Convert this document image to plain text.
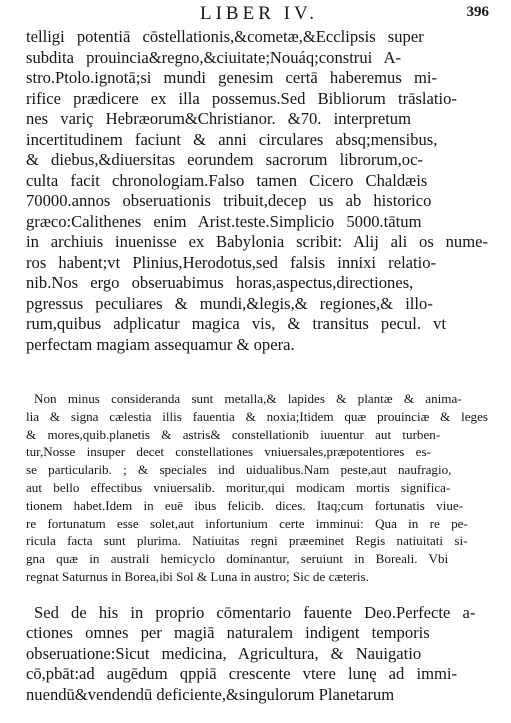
LIBER IV.	396
telligi potentiā cōstellationis,&cometæ,&Ecclipsis super
subdita prouincia&regno,&ciuitate;Nouáq;construi A-
stro.Ptolo.ignotā;si mundi genesim certā haberemus mi-
rifice prædicere ex illa possemus.Sed Bibliorum trāslatio-
nes variç Hebræorum&Christianor. &70. interpretum
incertitudinem faciunt & anni circulares absq;mensibus,
& diebus,&diuersitas eorundem sacrorum librorum,oc-
culta facit chronologiam.Falso tamen Cicero Chaldæis
70000.annos obseruationis tribuit,decep us ab historico
græco:Calithenes enim Arist.teste.Simplicio 5000.tātum
in archiuis inuenisse ex Babylonia scribit: Alij ali os nume-
ros habent;vt Plinius,Herodotus,sed falsis innixi relatio-
nib.Nos ergo obseruabimus horas,aspectus,directiones,
pgressus peculiares & mundi,&legis,& regiones,& illo-
rum,quibus adplicatur magica vis, & transitus pecul. vt
perfectam magiam assequamur & opera.
Non minus consideranda sunt metalla,& lapides & plantæ & anima-
lia & signa cælestia illis fauentia & noxia;Itidem quæ prouinciæ & leges
& mores,quib.planetis & astris& constellationib iuuentur aut turben-
tur,Nosse insuper decet constellationes vniuersales,præpotentiores es-
se particularib. ; & speciales ind uidualibus.Nam peste,aut naufragio,
aut bello effectibus vniuersalib. moritur,qui modicam mortis significa-
tionem habet.Idem in euē ibus felicib. dices. Itaq;cum fortunatis viue-
re fortunatum esse solet,aut infortunium certe imminui: Qua in re pe-
ricula facta sunt plurima. Natiuitas regni præeminet Regis natiuitati si-
gna quæ in australi hemicyclo dominantur, seruiunt in Boreali. Vbi
regnat Saturnus in Borea,ibi Sol & Luna in austro; Sic de cæteris.
Sed de his in proprio cōmentario fauente Deo.Perfecte a-
ctiones omnes per magiā naturalem indigent temporis
obseruatione:Sicut medicina, Agricultura, & Nauigatio
cō,pbāt:ad augēdum qppiā crescente vtere lunę ad immi-
nuendū&vendendū deficiente,&singulorum Planetarum
